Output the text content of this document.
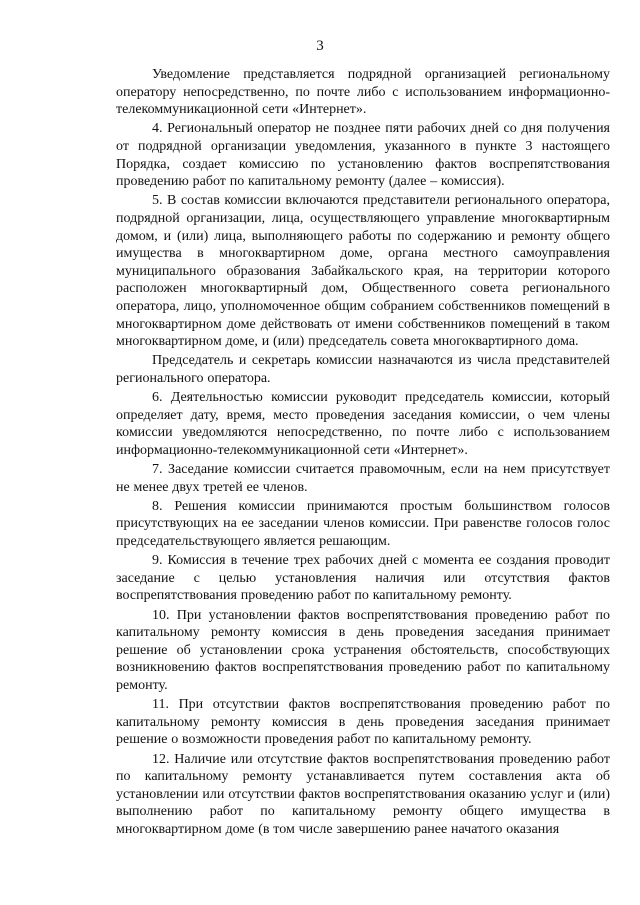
3

Уведомление представляется подрядной организацией региональному оператору непосредственно, по почте либо с использованием информационно-телекоммуникационной сети «Интернет».

4. Региональный оператор не позднее пяти рабочих дней со дня получения от подрядной организации уведомления, указанного в пункте 3 настоящего Порядка, создает комиссию по установлению фактов воспрепятствования проведению работ по капитальному ремонту (далее – комиссия).

5. В состав комиссии включаются представители регионального оператора, подрядной организации, лица, осуществляющего управление многоквартирным домом, и (или) лица, выполняющего работы по содержанию и ремонту общего имущества в многоквартирном доме, органа местного самоуправления муниципального образования Забайкальского края, на территории которого расположен многоквартирный дом, Общественного совета регионального оператора, лицо, уполномоченное общим собранием собственников помещений в многоквартирном доме действовать от имени собственников помещений в таком многоквартирном доме, и (или) председатель совета многоквартирного дома.

Председатель и секретарь комиссии назначаются из числа представителей регионального оператора.

6. Деятельностью комиссии руководит председатель комиссии, который определяет дату, время, место проведения заседания комиссии, о чем члены комиссии уведомляются непосредственно, по почте либо с использованием информационно-телекоммуникационной сети «Интернет».

7. Заседание комиссии считается правомочным, если на нем присутствует не менее двух третей ее членов.

8. Решения комиссии принимаются простым большинством голосов присутствующих на ее заседании членов комиссии. При равенстве голосов голос председательствующего является решающим.

9. Комиссия в течение трех рабочих дней с момента ее создания проводит заседание с целью установления наличия или отсутствия фактов воспрепятствования проведению работ по капитальному ремонту.

10. При установлении фактов воспрепятствования проведению работ по капитальному ремонту комиссия в день проведения заседания принимает решение об установлении срока устранения обстоятельств, способствующих возникновению фактов воспрепятствования проведению работ по капитальному ремонту.

11. При отсутствии фактов воспрепятствования проведению работ по капитальному ремонту комиссия в день проведения заседания принимает решение о возможности проведения работ по капитальному ремонту.

12. Наличие или отсутствие фактов воспрепятствования проведению работ по капитальному ремонту устанавливается путем составления акта об установлении или отсутствии фактов воспрепятствования оказанию услуг и (или) выполнению работ по капитальному ремонту общего имущества в многоквартирном доме (в том числе завершению ранее начатого оказания
